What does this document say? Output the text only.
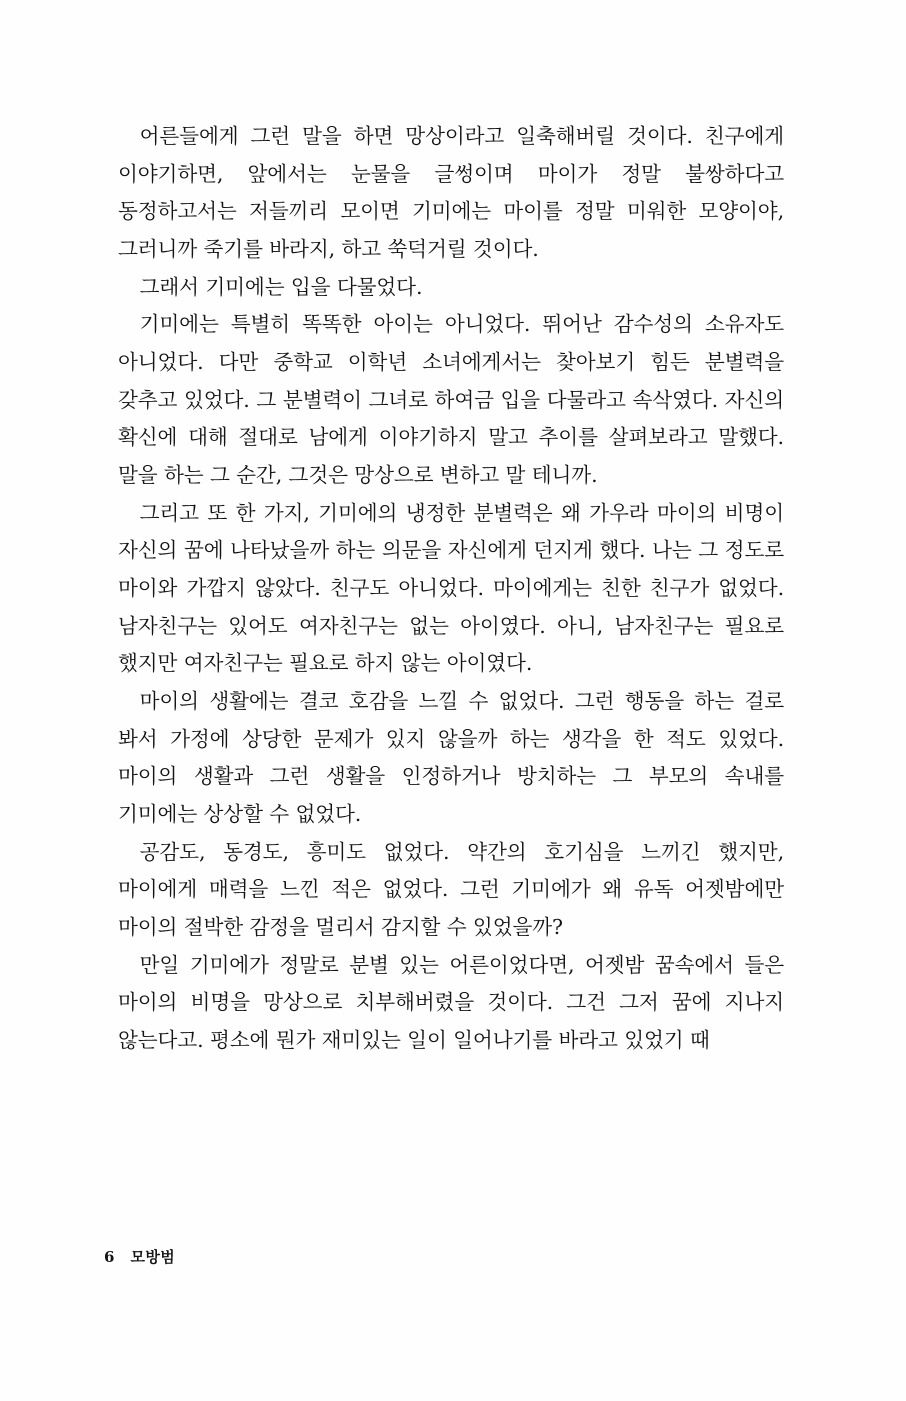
어른들에게 그런 말을 하면 망상이라고 일축해버릴 것이다. 친구에게 이야기하면, 앞에서는 눈물을 글썽이며 마이가 정말 불쌍하다고 동정하고서는 저들끼리 모이면 기미에는 마이를 정말 미워한 모양이야, 그러니까 죽기를 바라지, 하고 쑥덕거릴 것이다.

그래서 기미에는 입을 다물었다.

기미에는 특별히 똑똑한 아이는 아니었다. 뛰어난 감수성의 소유자도 아니었다. 다만 중학교 이학년 소녀에게서는 찾아보기 힘든 분별력을 갖추고 있었다. 그 분별력이 그녀로 하여금 입을 다물라고 속삭였다. 자신의 확신에 대해 절대로 남에게 이야기하지 말고 추이를 살펴보라고 말했다. 말을 하는 그 순간, 그것은 망상으로 변하고 말 테니까.

그리고 또 한 가지, 기미에의 냉정한 분별력은 왜 가우라 마이의 비명이 자신의 꿈에 나타났을까 하는 의문을 자신에게 던지게 했다. 나는 그 정도로 마이와 가깝지 않았다. 친구도 아니었다. 마이에게는 친한 친구가 없었다. 남자친구는 있어도 여자친구는 없는 아이였다. 아니, 남자친구는 필요로 했지만 여자친구는 필요로 하지 않는 아이였다.

마이의 생활에는 결코 호감을 느낄 수 없었다. 그런 행동을 하는 걸로 봐서 가정에 상당한 문제가 있지 않을까 하는 생각을 한 적도 있었다. 마이의 생활과 그런 생활을 인정하거나 방치하는 그 부모의 속내를 기미에는 상상할 수 없었다.

공감도, 동경도, 흥미도 없었다. 약간의 호기심을 느끼긴 했지만, 마이에게 매력을 느낀 적은 없었다. 그런 기미에가 왜 유독 어젯밤에만 마이의 절박한 감정을 멀리서 감지할 수 있었을까?

만일 기미에가 정말로 분별 있는 어른이었다면, 어젯밤 꿈속에서 들은 마이의 비명을 망상으로 치부해버렸을 것이다. 그건 그저 꿈에 지나지 않는다고. 평소에 뭔가 재미있는 일이 일어나기를 바라고 있었기 때

6 모방범
